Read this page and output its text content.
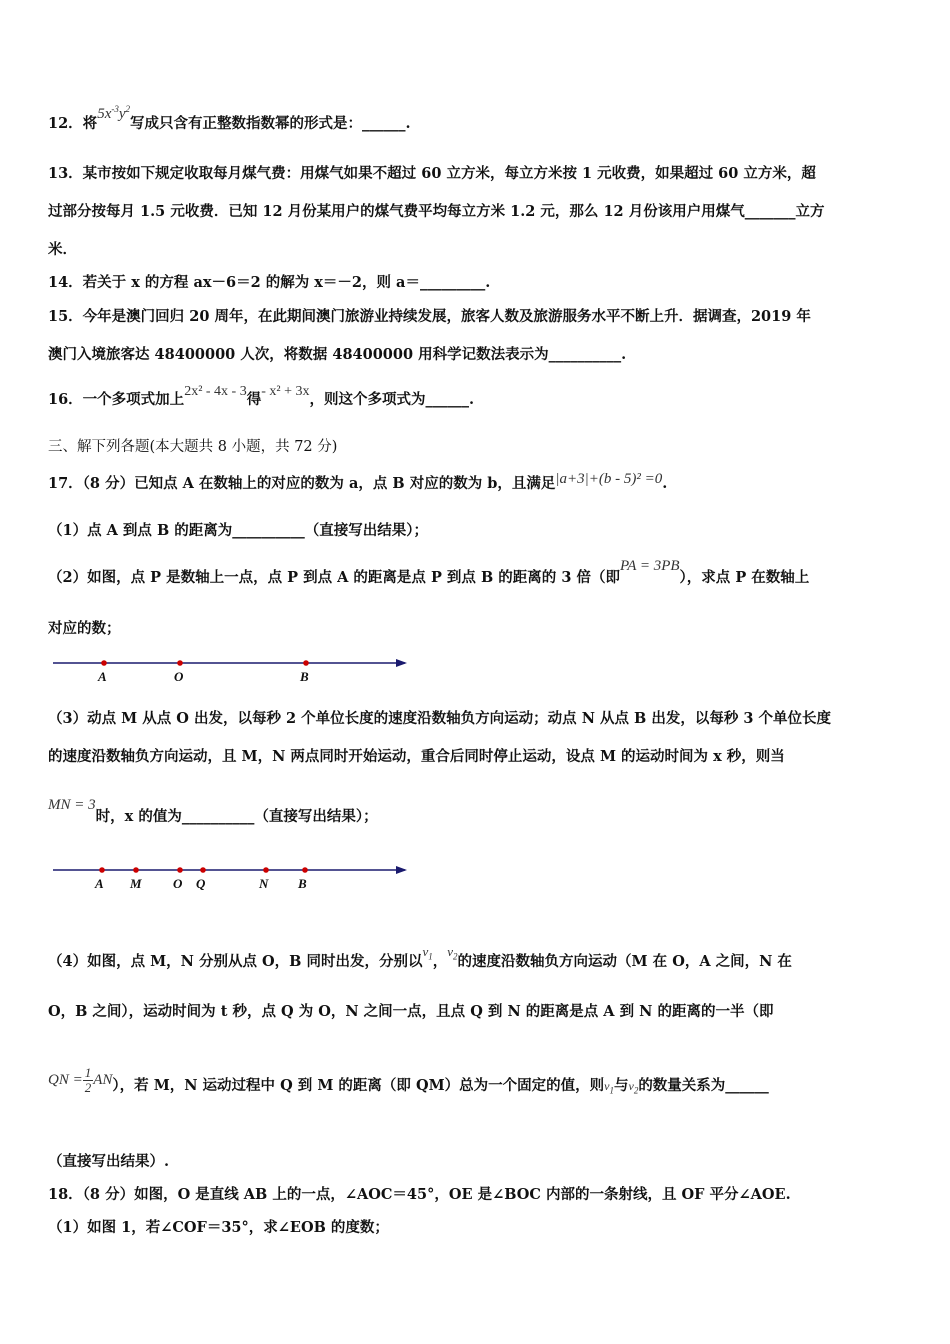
12．将$5x^{-3}y^2$写成只含有正整数指数幂的形式是：______.
13．某市按如下规定收取每月煤气费：用煤气如果不超过 60 立方米，每立方米按 1 元收费，如果超过 60 立方米，超
过部分按每月 1.5 元收费．已知 12 月份某用户的煤气费平均每立方米 1.2 元，那么 12 月份该用户用煤气_______立方
米．
14．若关于 x 的方程 ax－6＝2 的解为 x＝－2，则 a＝_________.
15．今年是澳门回归 20 周年，在此期间澳门旅游业持续发展，旅客人数及旅游服务水平不断上升．据调查，2019 年
澳门入境旅客达 48400000 人次，将数据 48400000 用科学记数法表示为__________.
16．一个多项式加上2x² - 4x - 3得- x² + 3x，则这个多项式为______.
三、解下列各题(本大题共 8 小题，共 72 分)
17．（8 分）已知点 A 在数轴上的对应的数为 a，点 B 对应的数为 b，且满足|a+3|+(b - 5)² =0.
（1）点 A 到点 B 的距离为__________（直接写出结果）；
（2）如图，点 P 是数轴上一点，点 P 到点 A 的距离是点 P 到点 B 的距离的 3 倍（即PA = 3PB），求点 P 在数轴上
对应的数；
A	O	B
（3）动点 M 从点 O 出发，以每秒 2 个单位长度的速度沿数轴负方向运动；动点 N 从点 B 出发，以每秒 3 个单位长度
的速度沿数轴负方向运动，且 M，N 两点同时开始运动，重合后同时停止运动，设点 M 的运动时间为 x 秒，则当
MN = 3时，x 的值为__________（直接写出结果）；
A M O Q	N B
（4）如图，点 M，N 分别从点 O，B 同时出发，分别以$v_1$，$v_2$的速度沿数轴负方向运动（M 在 O，A 之间，N 在
O，B 之间），运动时间为 t 秒，点 Q 为 O，N 之间一点，且点 Q 到 N 的距离是点 A 到 N 的距离的一半（即
QN = $\frac{1}{2} AN$），若 M，N 运动过程中 Q 到 M 的距离（即 QM）总为一个固定的值，则$v_1$与$v_2$的数量关系为______
（直接写出结果）.
18．（8 分）如图，O 是直线 AB 上的一点，∠AOC＝45°，OE 是∠BOC 内部的一条射线，且 OF 平分∠AOE.
（1）如图 1，若∠COF＝35°，求∠EOB 的度数；
